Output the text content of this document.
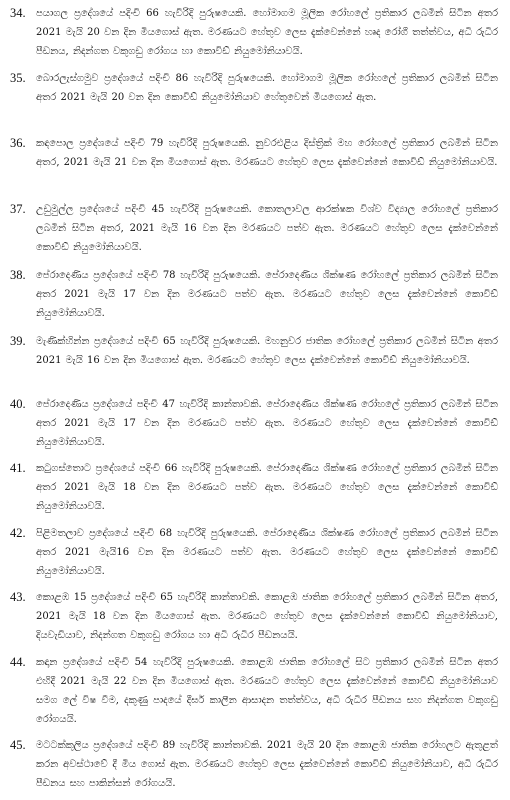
34.	පයාගල ප්‍රදේශයේ පදිංචි 66 හැවිරිදි පුරුෂයෙකි. හෝමාගම මූලික රෝහලේ ප්‍රතිකාර ලබමින් සිටින අතර 2021 මැයි 20 වන දින මියගොස් ඇත. මරණයට හේතුව ලෙස දැක්වෙන්නේ හෘද රෝගී තත්ත්වය, අධි රුධිර පීඩනය, නිදන්ගත වකුගඩු රෝගය හා කොවිඩ් නියුමෝනියාවයි.
35.	බොරලැස්ගමුව ප්‍රදේශයේ පදිංචි 86 හැවිරිදි පුරුෂයෙකි. හෝමාගම මූලික රෝහලේ ප්‍රතිකාර ලබමින් සිටින අතර 2021 මැයි 20 වන දින කොවිඩ් නියුමෝනියාව හේතුවෙන් මියගොස් ඇත.
36.	කඳපොල ප්‍රදේශයේ පදිංචි 79 හැවිරිදි පුරුෂයෙකි. නුවරඑළිය දිස්ත්‍රික් මහ රෝහලේ ප්‍රතිකාර ලබමින් සිටින අතර, 2021 මැයි 21 වන දින මියගොස් ඇත. මරණයට හේතුව ලෙස දැක්වෙන්නේ කොවිඩ් නියුමෝනියාවයි.
37.	උඩුමුල්ල ප්‍රදේශයේ පදිංචි 45 හැවිරිදි පුරුෂයෙකි. කොතලාවල ආරක්ෂක විශ්ව විද්‍යාල රෝහලේ ප්‍රතිකාර ලබමින් සිටින අතර, 2021 මැයි 16 වන දින මරණයට පත්ව ඇත. මරණයට හේතුව ලෙස දැක්වෙන්නේ කොවිඩ් නියුමෝනියාවයි.
38.	පේරාදෙණිය ප්‍රදේශයේ පදිංචි 78 හැවිරිදි පුරුෂයෙකි. පේරාදෙණිය ශික්ෂණ රෝහලේ ප්‍රතිකාර ලබමින් සිටින අතර 2021 මැයි 17 වන දින මරණයට පත්ව ඇත. මරණයට හේතුව ලෙස දැක්වෙන්නේ කොවිඩ් නියුමෝනියාවයි.
39.	මැණික්හින්න ප්‍රදේශයේ පදිංචි 65 හැවිරිදි පුරුෂයෙකි. මහනුවර ජාතික රෝහලේ ප්‍රතිකාර ලබමින් සිටින අතර 2021 මැයි 16 වන දින මියගොස් ඇත. මරණයට හේතුව ලෙස දැක්වෙන්නේ කොවිඩ් නියුමෝනියාවයි.
40.	පේරාදෙණිය ප්‍රදේශයේ පදිංචි 47 හැවිරිදි කාන්තාවකි. පේරාදෙණිය ශික්ෂණ රෝහලේ ප්‍රතිකාර ලබමින් සිටින අතර 2021 මැයි 17 වන දින මරණයට පත්ව ඇත. මරණයට හේතුව ලෙස දැක්වෙන්නේ කොවිඩ් නියුමෝනියාවයි.
41.	කටුගස්තොට ප්‍රදේශයේ පදිංචි 66 හැවිරිදි පුරුෂයෙකි. පේරාදෙණිය ශික්ෂණ රෝහලේ ප්‍රතිකාර ලබමින් සිටින අතර 2021 මැයි 18 වන දින මරණයට පත්ව ඇත. මරණයට හේතුව ලෙස දැක්වෙන්නේ කොවිඩ් නියුමෝනියාවයි.
42.	පිළිමතලාව ප්‍රදේශයේ පදිංචි 68 හැවිරිදි පුරුෂයෙකි. පේරාදෙණිය ශික්ෂණ රෝහලේ ප්‍රතිකාර ලබමින් සිටින අතර 2021 මැයි16 වන දින මරණයට පත්ව ඇත. මරණයට හේතුව ලෙස දැක්වෙන්නේ කොවිඩ් නියුමෝනියාවයි.
43.	කොළඹ 15 ප්‍රදේශයේ පදිංචි 65 හැවිරිදි කාන්තාවකි. කොළඹ ජාතික රෝහලේ ප්‍රතිකාර ලබමින් සිටින අතර, 2021 මැයි 18 වන දින මියගොස් ඇත. මරණයට හේතුව ලෙස දැක්වෙන්නේ කොවිඩ් නියුමෝනියාව, දියවැඩියාව, නිදන්ගත වකුගඩු රෝගය හා අධි රුධිර පීඩනයයි.
44.	කඳාන ප්‍රදේශයේ පදිංචි 54 හැවිරිදි පුරුෂයෙකි. කොළඹ ජාතික රෝහලේ සිට ප්‍රතිකාර ලබමින් සිටින අතර එහිදී 2021 මැයි 22 වන දින මියගොස් ඇත. මරණයට හේතුව ලෙස දැක්වෙන්නේ කොවිඩ් නියුමෝනියාව සමග ලේ විෂ වීම, දකුණු පාදයේ දීර්ඝ කාලීන ආසාදන තත්ත්වය, අධි රුධිර පීඩනය සහ නිදන්ගත වකුගඩු රෝගයයි.
45.	මටටක්කුලිය ප්‍රදේශයේ පදිංචි 89 හැවිරිදි කාන්තාවකි. 2021 මැයි 20 දින කොළඹ ජාතික රෝහලට ඇතුළත් කරන අවස්ථාවේ දී මිය ගොස් ඇත. මරණයට හේතුව ලෙස දැක්වෙන්නේ කොවිඩ් නියුමෝනියාව, අධි රුධිර පීඩනය සහ පාකින්සන් රෝගයයි.
